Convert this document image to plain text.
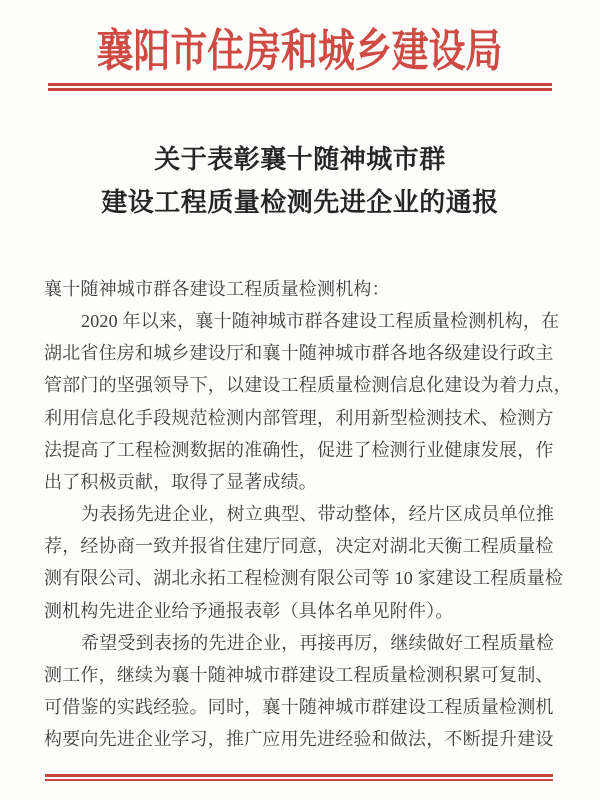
襄阳市住房和城乡建设局
关于表彰襄十随神城市群
建设工程质量检测先进企业的通报
襄十随神城市群各建设工程质量检测机构：
2020 年以来，襄十随神城市群各建设工程质量检测机构，在
湖北省住房和城乡建设厅和襄十随神城市群各地各级建设行政主
管部门的坚强领导下，以建设工程质量检测信息化建设为着力点，
利用信息化手段规范检测内部管理，利用新型检测技术、检测方
法提高了工程检测数据的准确性，促进了检测行业健康发展，作
出了积极贡献，取得了显著成绩。
为表扬先进企业，树立典型、带动整体，经片区成员单位推
荐，经协商一致并报省住建厅同意，决定对湖北天衡工程质量检
测有限公司、湖北永拓工程检测有限公司等 10 家建设工程质量检
测机构先进企业给予通报表彰（具体名单见附件）。
希望受到表扬的先进企业，再接再厉，继续做好工程质量检
测工作，继续为襄十随神城市群建设工程质量检测积累可复制、
可借鉴的实践经验。同时，襄十随神城市群建设工程质量检测机
构要向先进企业学习，推广应用先进经验和做法，不断提升建设
